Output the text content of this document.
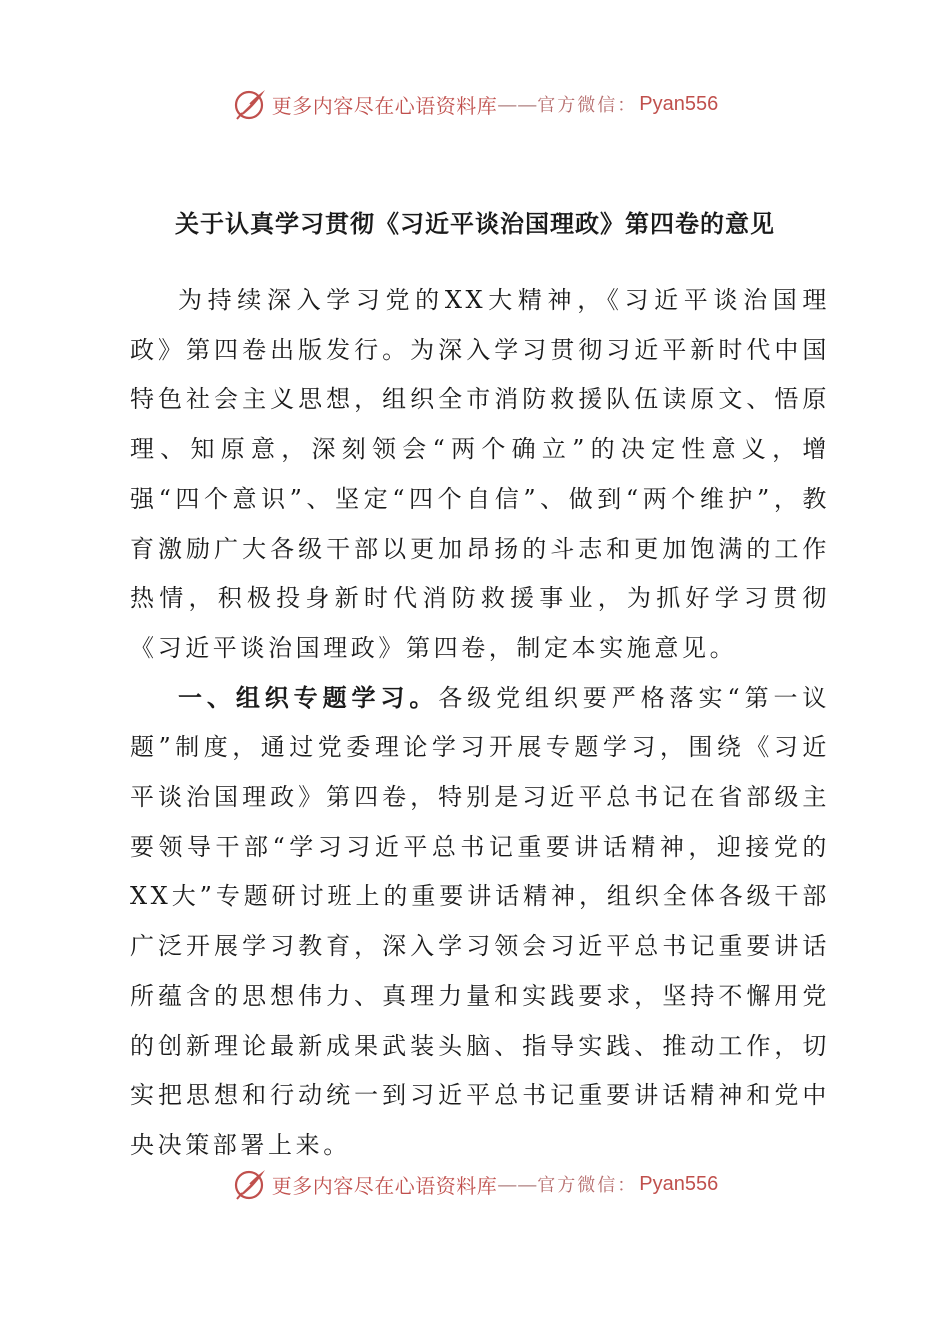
更多内容尽在心语资料库 —— 官方微信： Pyan556
关于认真学习贯彻《习近平谈治国理政》第四卷的意见

为持续深入学习党的XX大精神，《习近平谈治国理政》第四卷出版发行。为深入学习贯彻习近平新时代中国特色社会主义思想，组织全市消防救援队伍读原文、悟原理、知原意，深刻领会“两个确立”的决定性意义，增强“四个意识”、坚定“四个自信”、做到“两个维护”，教育激励广大各级干部以更加昂扬的斗志和更加饱满的工作热情，积极投身新时代消防救援事业，为抓好学习贯彻《习近平谈治国理政》第四卷，制定本实施意见。

一、组织专题学习。各级党组织要严格落实“第一议题”制度，通过党委理论学习开展专题学习，围绕《习近平谈治国理政》第四卷，特别是习近平总书记在省部级主要领导干部“学习习近平总书记重要讲话精神，迎接党的XX大”专题研讨班上的重要讲话精神，组织全体各级干部广泛开展学习教育，深入学习领会习近平总书记重要讲话所蕴含的思想伟力、真理力量和实践要求，坚持不懈用党的创新理论最新成果武装头脑、指导实践、推动工作，切实把思想和行动统一到习近平总书记重要讲话精神和党中央决策部署上来。

更多内容尽在心语资料库 —— 官方微信： Pyan556
